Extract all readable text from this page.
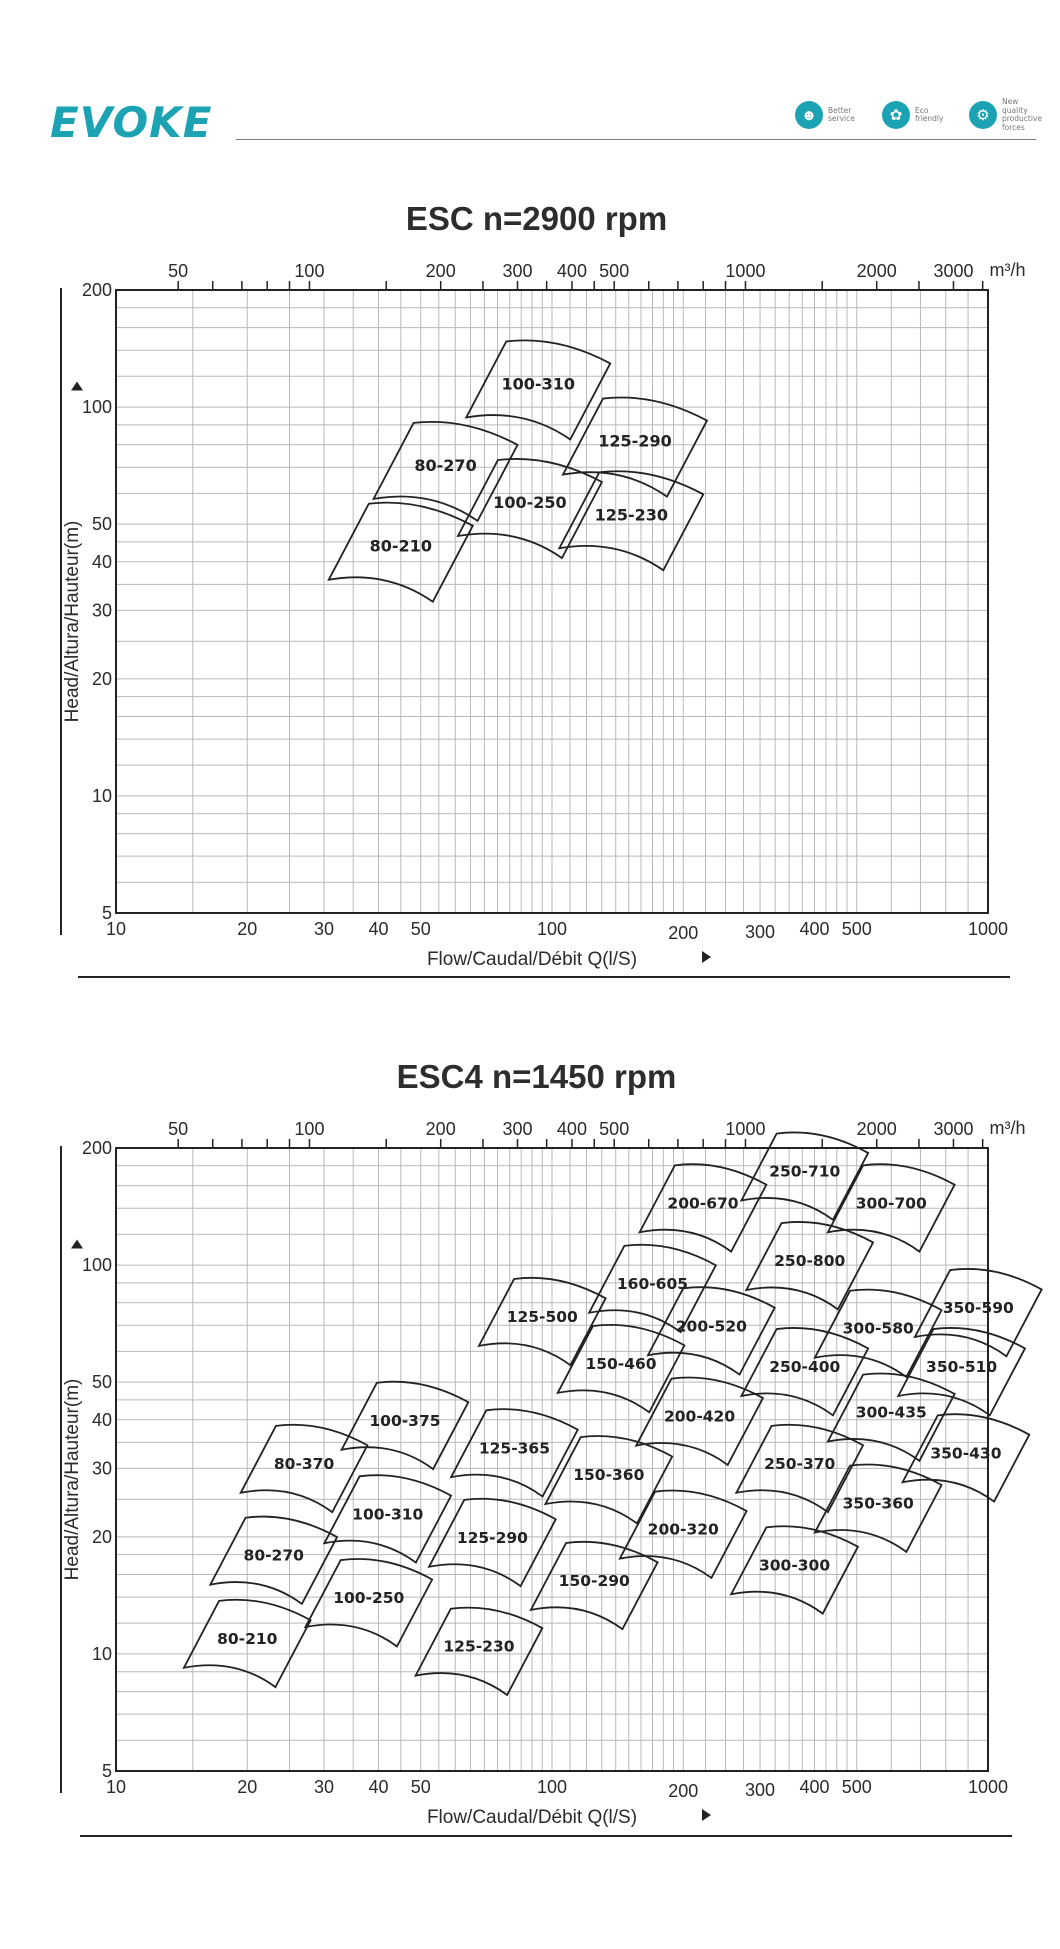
EVOKE	☻	Better service	✿	Eco friendly	⚙
New quality productive forces
ESC n=2900 rpm
50	100	200	300 400 500	1000	2000 3000 m³/h
10	20	30 40 50	100	200	300 400 500	1000
200
100
50
40
30
20
10
5
Flow/Caudal/Débit Q(l/S)
Head/Altura/Hauteur(m)	80-210
80-270
100-310
100-250
125-290
125-230
ESC4 n=1450 rpm
50	100	200	300 400 500	1000	2000 3000 m³/h
10	20	30 40 50	100	200	300 400 500	1000
200
100
50
40
30
20
10
5
Flow/Caudal/Débit Q(l/S)
Head/Altura/Hauteur(m)
80-210
80-270
80-370
100-250
100-310
100-375
125-230
125-290
125-365
125-500
150-290
150-360
150-460
160-605
200-320
200-420
200-520
200-670
250-710
250-800
250-400
250-370
300-300
300-700
300-580
300-435
350-360
350-590
350-510
350-430
